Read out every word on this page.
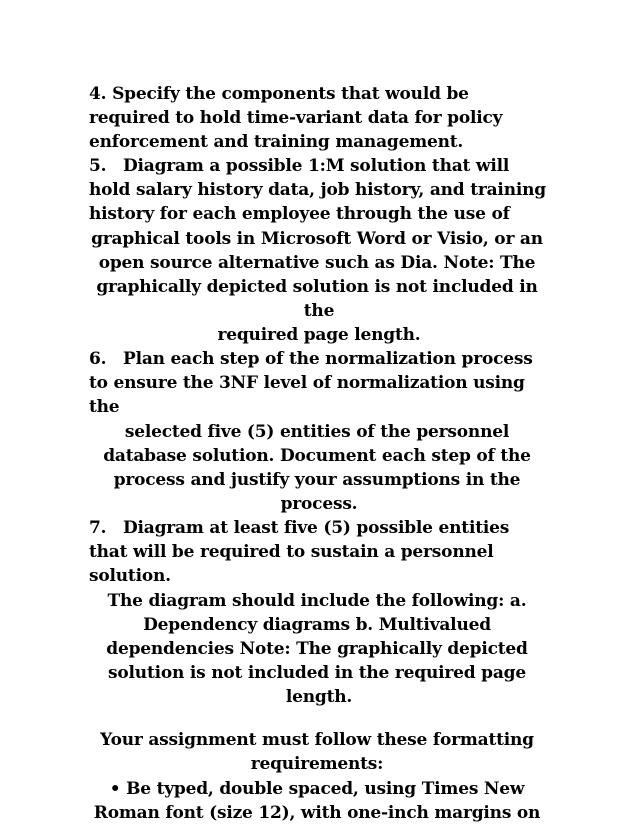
4. Specify the components that would be
required to hold time-variant data for policy
enforcement and training management.
5. Diagram a possible 1:M solution that will
hold salary history data, job history, and training
history for each employee through the use of
graphical tools in Microsoft Word or Visio, or an
open source alternative such as Dia. Note: The
graphically depicted solution is not included in
the
required page length.
6. Plan each step of the normalization process
to ensure the 3NF level of normalization using
the
selected five (5) entities of the personnel
database solution. Document each step of the
process and justify your assumptions in the
process.
7. Diagram at least five (5) possible entities
that will be required to sustain a personnel
solution.
The diagram should include the following: a.
Dependency diagrams b. Multivalued
dependencies Note: The graphically depicted
solution is not included in the required page
length.
Your assignment must follow these formatting
requirements:
• Be typed, double spaced, using Times New
Roman font (size 12), with one-inch margins on
